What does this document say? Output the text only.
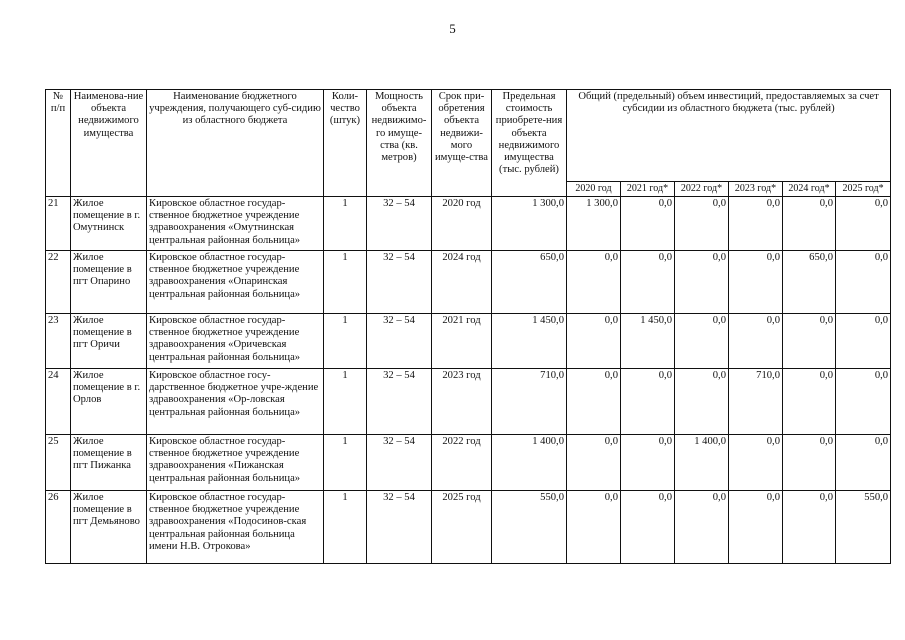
5
№ п/п	Наименова-ние объекта недвижимого имущества	Наименование бюджетного учреждения, получающего суб-сидию из областного бюджета	Коли-чество (штук)	Мощность объекта недвижимо-го имуще-ства (кв. метров)	Срок при-обретения объекта недвижи-мого имуще-ства	Предельная стоимость приобрете-ния объекта недвижимого имущества (тыс. рублей)	Общий (предельный) объем инвестиций, предоставляемых за счет субсидии из областного бюджета (тыс. рублей)					
							2020 год	2021 год*	2022 год*	2023 год*	2024 год*	2025 год*
21	Жилое помещение в г. Омутнинск	Кировское областное государ-ственное бюджетное учреждение здравоохранения «Омутнинская центральная районная больница»	1	32 – 54	2020 год	1 300,0	1 300,0	0,0	0,0	0,0	0,0	0,0
22	Жилое помещение в пгт Опарино	Кировское областное государ-ственное бюджетное учреждение здравоохранения «Опаринская центральная районная больница»	1	32 – 54	2024 год	650,0	0,0	0,0	0,0	0,0	650,0	0,0
23	Жилое помещение в пгт Оричи	Кировское областное государ-ственное бюджетное учреждение здравоохранения «Оричевская центральная районная больница»	1	32 – 54	2021 год	1 450,0	0,0	1 450,0	0,0	0,0	0,0	0,0
24	Жилое помещение в г. Орлов	Кировское областное госу-дарственное бюджетное учре-ждение здравоохранения «Ор-ловская центральная районная больница»	1	32 – 54	2023 год	710,0	0,0	0,0	0,0	710,0	0,0	0,0
25	Жилое помещение в пгт Пижанка	Кировское областное государ-ственное бюджетное учреждение здравоохранения «Пижанская центральная районная больница»	1	32 – 54	2022 год	1 400,0	0,0	0,0	1 400,0	0,0	0,0	0,0
26	Жилое помещение в пгт Демьяново	Кировское областное государ-ственное бюджетное учреждение здравоохранения «Подосинов-ская центральная районная больница имени Н.В. Отрокова»	1	32 – 54	2025 год	550,0	0,0	0,0	0,0	0,0	0,0	550,0
